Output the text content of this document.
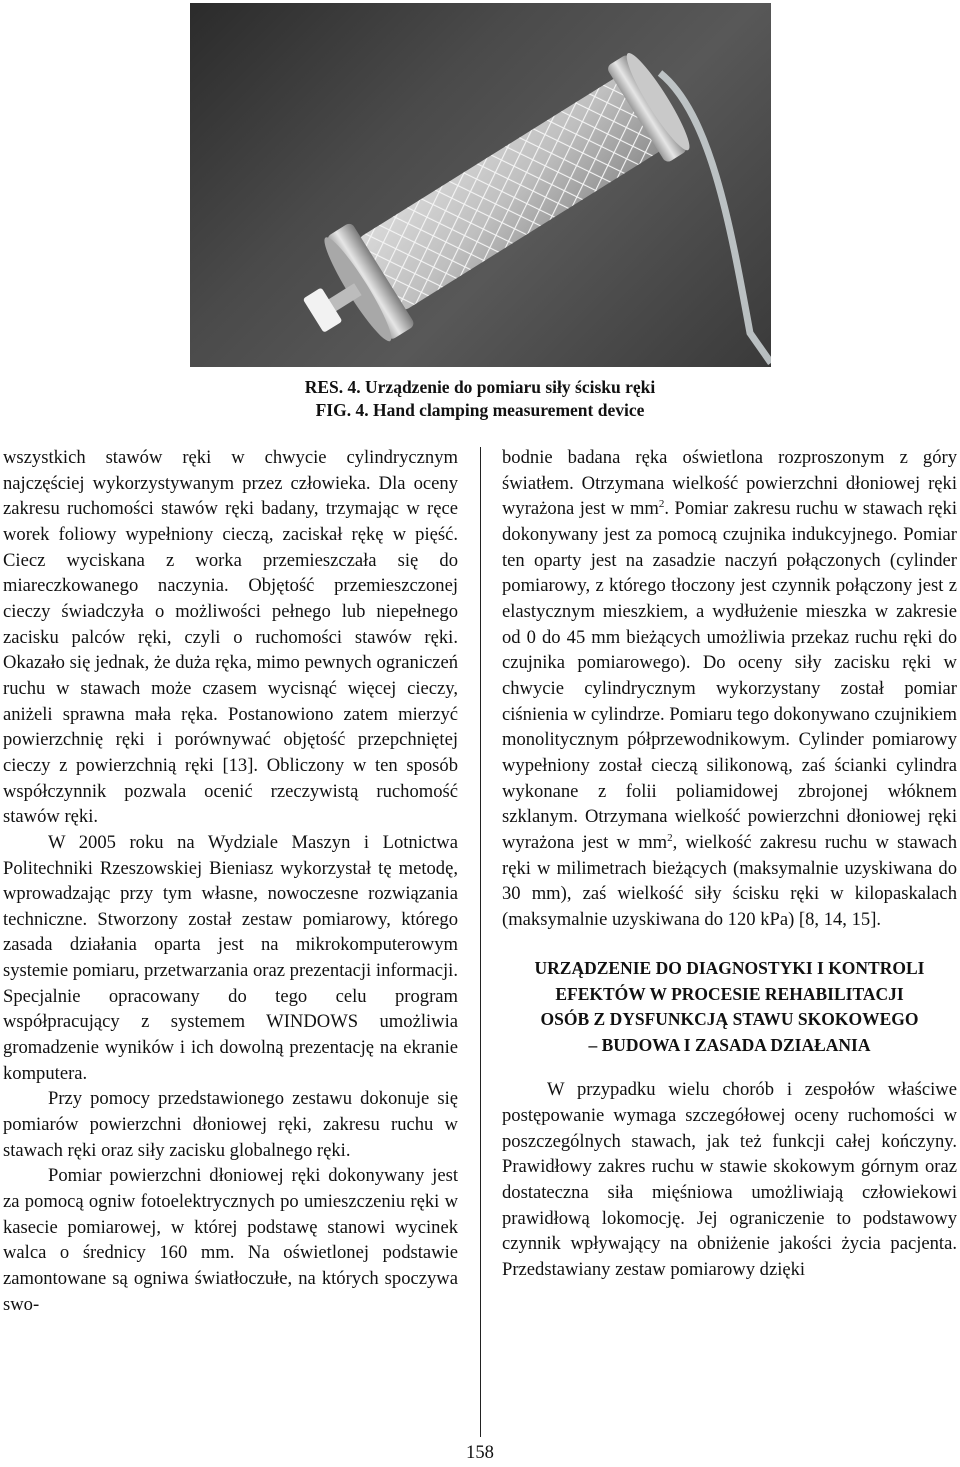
RES. 4. Urządzenie do pomiaru siły ścisku ręki
FIG. 4. Hand clamping measurement device

wszystkich stawów ręki w chwycie cylindrycznym najczęściej wykorzystywanym przez człowieka. Dla oceny zakresu ruchomości stawów ręki badany, trzymając w ręce worek foliowy wypełniony cieczą, zaciskał rękę w pięść. Ciecz wyciskana z worka przemieszczała się do miareczkowanego naczynia. Objętość przemieszczonej cieczy świadczyła o możliwości pełnego lub niepełnego zacisku palców ręki, czyli o ruchomości stawów ręki. Okazało się jednak, że duża ręka, mimo pewnych ograniczeń ruchu w stawach może czasem wycisnąć więcej cieczy, aniżeli sprawna mała ręka. Postanowiono zatem mierzyć powierzchnię ręki i porównywać objętość przepchniętej cieczy z powierzchnią ręki [13]. Obliczony w ten sposób współczynnik pozwala ocenić rzeczywistą ruchomość stawów ręki.

W 2005 roku na Wydziale Maszyn i Lotnictwa Politechniki Rzeszowskiej Bieniasz wykorzystał tę metodę, wprowadzając przy tym własne, nowoczesne rozwiązania techniczne. Stworzony został zestaw pomiarowy, którego zasada działania oparta jest na mikrokomputerowym systemie pomiaru, przetwarzania oraz prezentacji informacji. Specjalnie opracowany do tego celu program współpracujący z systemem WINDOWS umożliwia gromadzenie wyników i ich dowolną prezentację na ekranie komputera.

Przy pomocy przedstawionego zestawu dokonuje się pomiarów powierzchni dłoniowej ręki, zakresu ruchu w stawach ręki oraz siły zacisku globalnego ręki.

Pomiar powierzchni dłoniowej ręki dokonywany jest za pomocą ogniw fotoelektrycznych po umieszczeniu ręki w kasecie pomiarowej, w której podstawę stanowi wycinek walca o średnicy 160 mm. Na oświetlonej podstawie zamontowane są ogniwa światłoczułe, na których spoczywa swo-

bodnie badana ręka oświetlona rozproszonym z góry światłem. Otrzymana wielkość powierzchni dłoniowej ręki wyrażona jest w $mm^2$. Pomiar zakresu ruchu w stawach ręki dokonywany jest za pomocą czujnika indukcyjnego. Pomiar ten oparty jest na zasadzie naczyń połączonych (cylinder pomiarowy, z którego tłoczony jest czynnik połączony jest z elastycznym mieszkiem, a wydłużenie mieszka w zakresie od 0 do 45 mm bieżących umożliwia przekaz ruchu ręki do czujnika pomiarowego). Do oceny siły zacisku ręki w chwycie cylindrycznym wykorzystany został pomiar ciśnienia w cylindrze. Pomiaru tego dokonywano czujnikiem monolitycznym półprzewodnikowym. Cylinder pomiarowy wypełniony został cieczą silikonową, zaś ścianki cylindra wykonane z folii poliamidowej zbrojonej włóknem szklanym. Otrzymana wielkość powierzchni dłoniowej ręki wyrażona jest w $mm^2$, wielkość zakresu ruchu w stawach ręki w milimetrach bieżących (maksymalnie uzyskiwana do 30 mm), zaś wielkość siły ścisku ręki w kilopaskalach (maksymalnie uzyskiwana do 120 kPa) [8, 14, 15].

URZĄDZENIE DO DIAGNOSTYKI I KONTROLI
EFEKTÓW W PROCESIE REHABILITACJI
OSÓB Z DYSFUNKCJĄ STAWU SKOKOWEGO
– BUDOWA I ZASADA DZIAŁANIA

W przypadku wielu chorób i zespołów właściwe postępowanie wymaga szczegółowej oceny ruchomości w poszczególnych stawach, jak też funkcji całej kończyny. Prawidłowy zakres ruchu w stawie skokowym górnym oraz dostateczna siła mięśniowa umożliwiają człowiekowi prawidłową lokomocję. Jej ograniczenie to podstawowy czynnik wpływający na obniżenie jakości życia pacjenta. Przedstawiany zestaw pomiarowy dzięki

158
